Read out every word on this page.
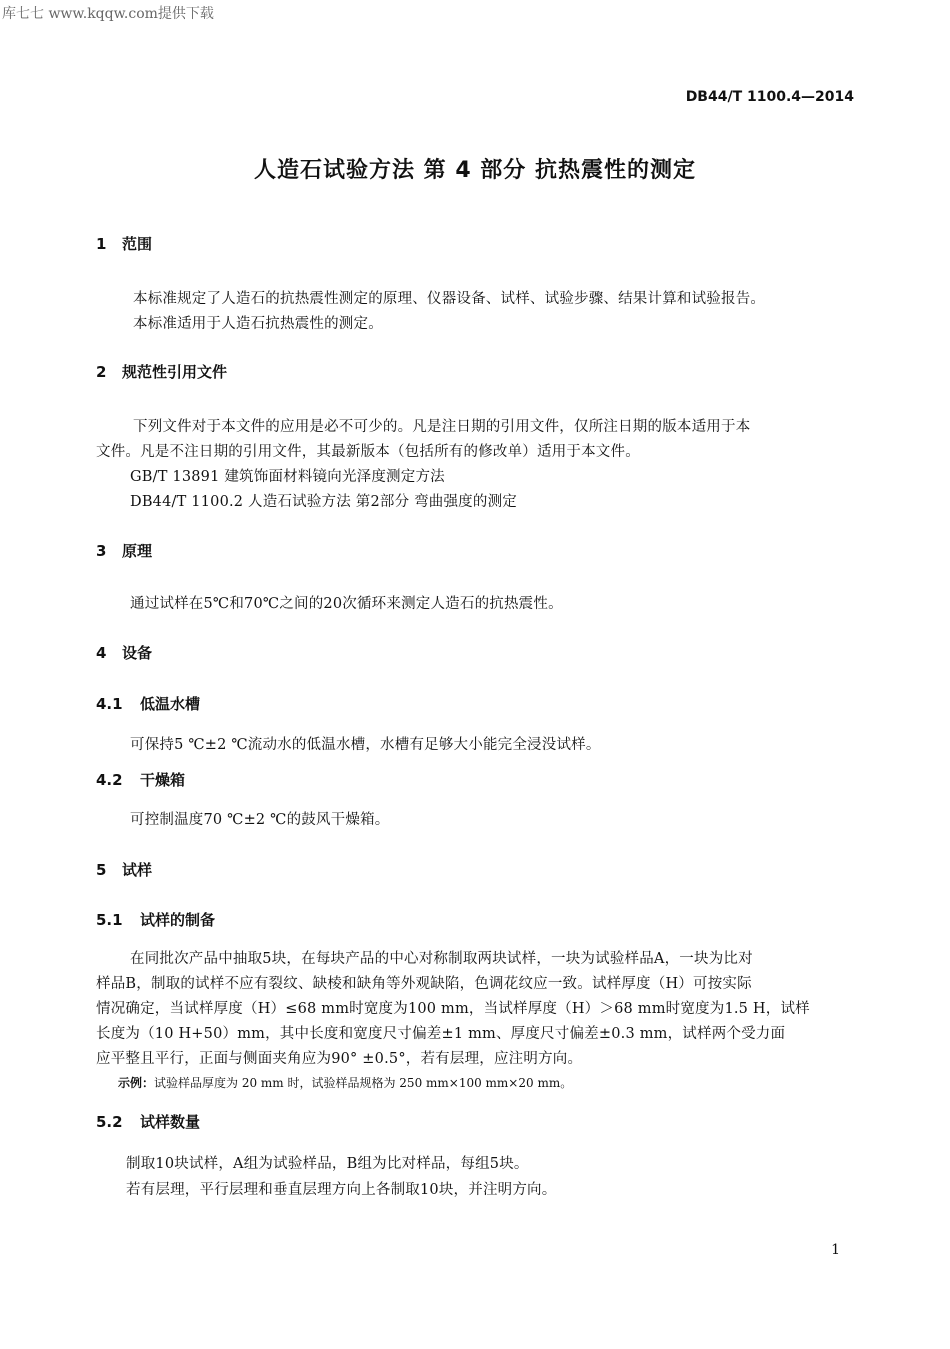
库七七 www.kqqw.com提供下载
DB44/T 1100.4—2014
人造石试验方法 第 4 部分 抗热震性的测定
1 范围
本标准规定了人造石的抗热震性测定的原理、仪器设备、试样、试验步骤、结果计算和试验报告。
本标准适用于人造石抗热震性的测定。
2 规范性引用文件
下列文件对于本文件的应用是必不可少的。凡是注日期的引用文件，仅所注日期的版本适用于本
文件。凡是不注日期的引用文件，其最新版本（包括所有的修改单）适用于本文件。
GB/T 13891 建筑饰面材料镜向光泽度测定方法
DB44/T 1100.2 人造石试验方法 第2部分 弯曲强度的测定
3 原理
通过试样在5℃和70℃之间的20次循环来测定人造石的抗热震性。
4 设备
4.1 低温水槽
可保持5 ℃±2 ℃流动水的低温水槽，水槽有足够大小能完全浸没试样。
4.2 干燥箱
可控制温度70 ℃±2 ℃的鼓风干燥箱。
5 试样
5.1 试样的制备
在同批次产品中抽取5块，在每块产品的中心对称制取两块试样，一块为试验样品A，一块为比对
样品B，制取的试样不应有裂纹、缺棱和缺角等外观缺陷，色调花纹应一致。试样厚度（H）可按实际
情况确定，当试样厚度（H）≤68 mm时宽度为100 mm，当试样厚度（H）＞68 mm时宽度为1.5 H，试样
长度为（10 H+50）mm，其中长度和宽度尺寸偏差±1 mm、厚度尺寸偏差±0.3 mm，试样两个受力面
应平整且平行，正面与侧面夹角应为90° ±0.5°，若有层理，应注明方向。
示例：试验样品厚度为 20 mm 时，试验样品规格为 250 mm×100 mm×20 mm。
5.2 试样数量
制取10块试样，A组为试验样品，B组为比对样品，每组5块。
若有层理，平行层理和垂直层理方向上各制取10块，并注明方向。
1
